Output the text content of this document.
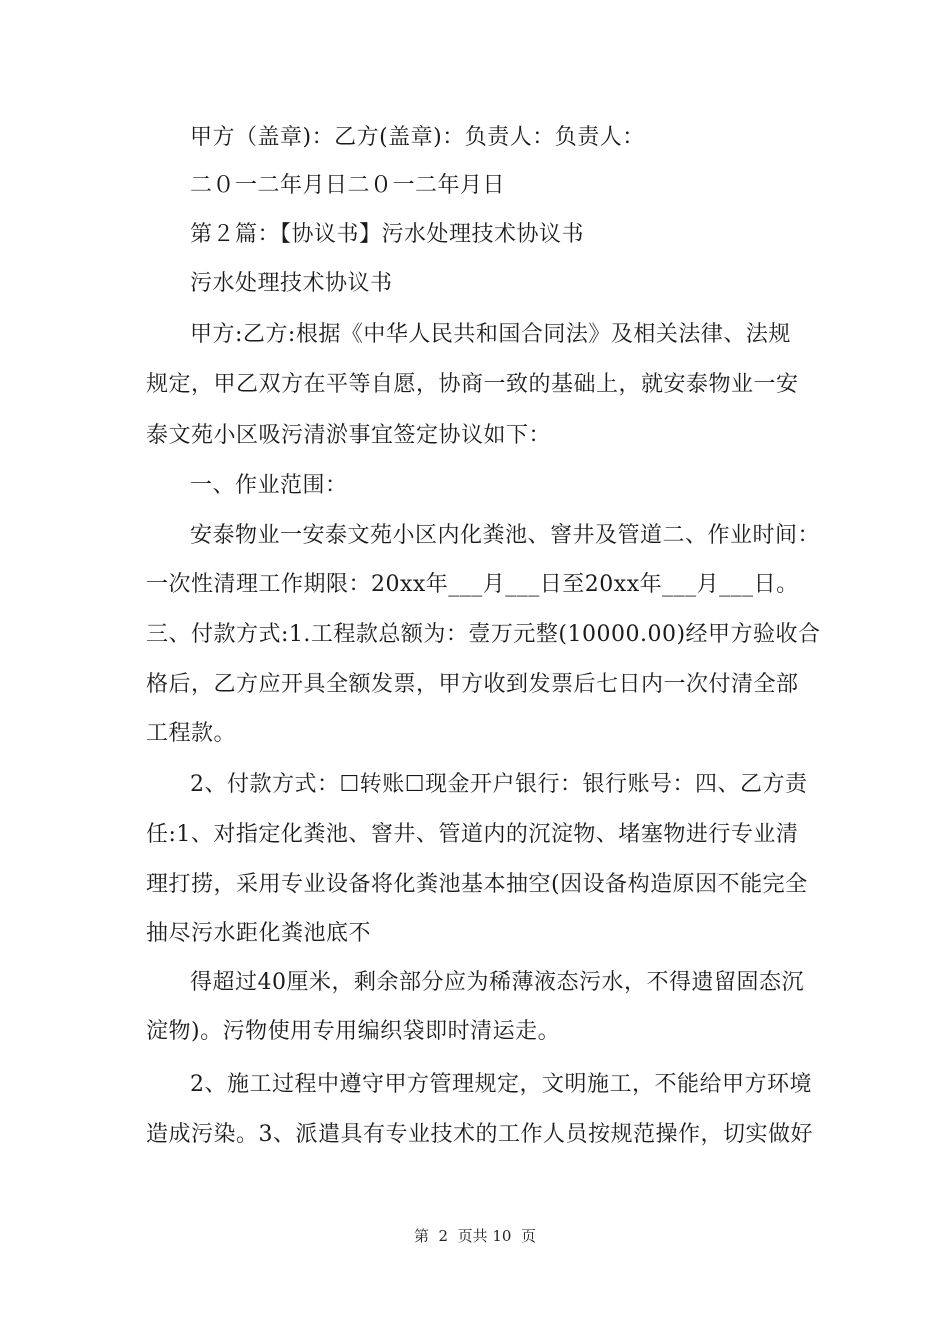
甲方（盖章)：乙方(盖章)：负责人：负责人：
二０一二年月日二０一二年月日
第２篇：【协议书】污水处理技术协议书
污水处理技术协议书
甲方:乙方:根据《中华人民共和国合同法》及相关法律、法规
规定，甲乙双方在平等自愿，协商一致的基础上，就安泰物业一安
泰文苑小区吸污清淤事宜签定协议如下：
一、作业范围：
安泰物业一安泰文苑小区内化粪池、窨井及管道二、作业时间：
一次性清理工作期限：20xx年___月___日至20xx年___月___日。
三、付款方式:1.工程款总额为：壹万元整(10000.00)经甲方验收合
格后，乙方应开具全额发票，甲方收到发票后七日内一次付清全部
工程款。
2、付款方式：☐转账☐现金开户银行：银行账号：四、乙方责
任:1、对指定化粪池、窨井、管道内的沉淀物、堵塞物进行专业清
理打捞，采用专业设备将化粪池基本抽空(因设备构造原因不能完全
抽尽污水距化粪池底不
得超过40厘米，剩余部分应为稀薄液态污水，不得遗留固态沉
淀物)。污物使用专用编织袋即时清运走。
2、施工过程中遵守甲方管理规定，文明施工，不能给甲方环境
造成污染。3、派遣具有专业技术的工作人员按规范操作，切实做好
第  2  页共 10  页
